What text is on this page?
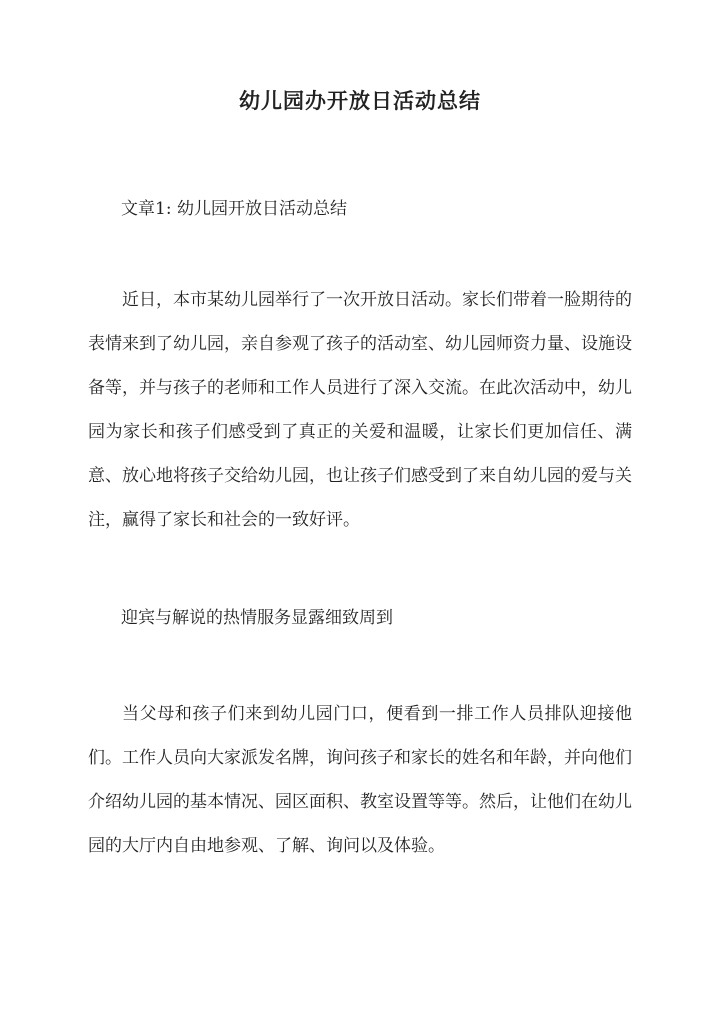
幼儿园办开放日活动总结
文章1: 幼儿园开放日活动总结
近日，本市某幼儿园举行了一次开放日活动。家长们带着一脸期待的表情来到了幼儿园，亲自参观了孩子的活动室、幼儿园师资力量、设施设备等，并与孩子的老师和工作人员进行了深入交流。在此次活动中，幼儿园为家长和孩子们感受到了真正的关爱和温暖，让家长们更加信任、满意、放心地将孩子交给幼儿园，也让孩子们感受到了来自幼儿园的爱与关注，赢得了家长和社会的一致好评。
迎宾与解说的热情服务显露细致周到
当父母和孩子们来到幼儿园门口，便看到一排工作人员排队迎接他们。工作人员向大家派发名牌，询问孩子和家长的姓名和年龄，并向他们介绍幼儿园的基本情况、园区面积、教室设置等等。然后，让他们在幼儿园的大厅内自由地参观、了解、询问以及体验。
